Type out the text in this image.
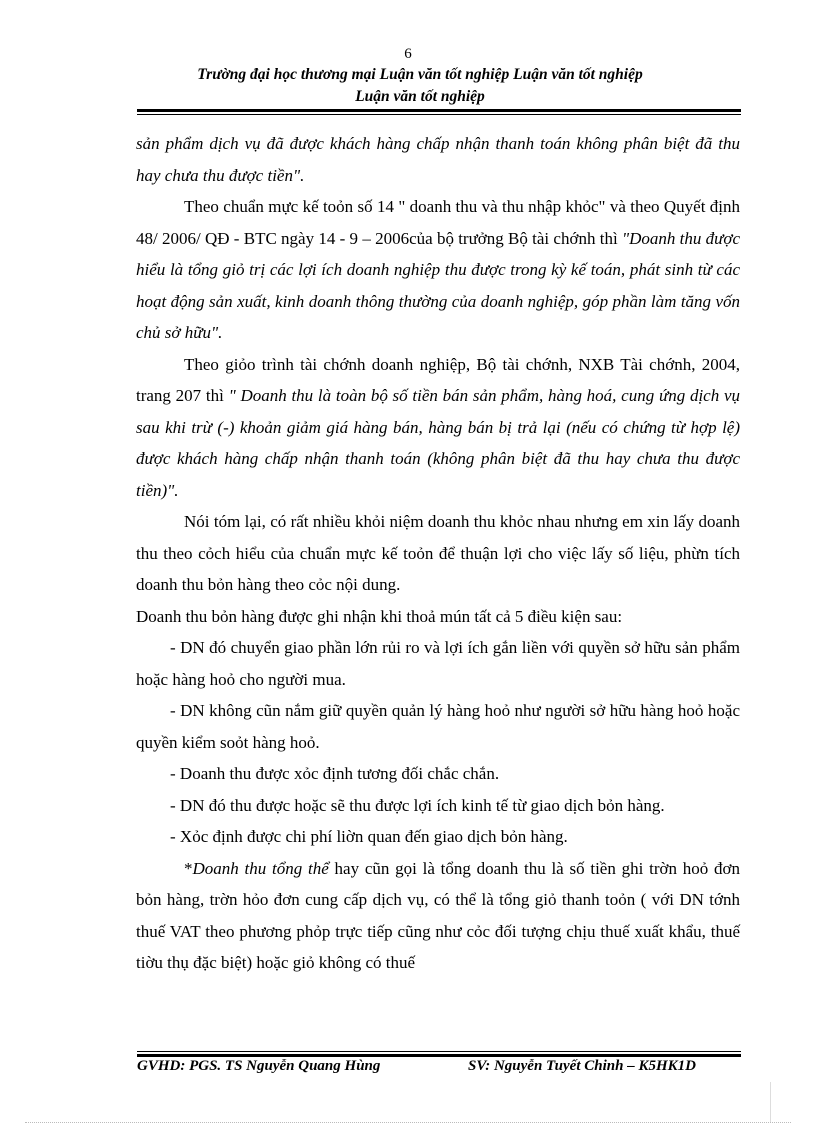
6
Trường đại học thương mại Luận văn tốt nghiệp Luận văn tốt nghiệp
Luận văn tốt nghiệp

sản phẩm dịch vụ đã được khách hàng chấp nhận thanh toán không phân biệt đã thu hay chưa thu được tiền".

Theo chuẩn mực kế toỏn số 14 " doanh thu và thu nhập khỏc" và theo Quyết định 48/ 2006/ QĐ - BTC ngày 14 - 9 – 2006của bộ trưởng Bộ tài chớnh thì "Doanh thu được hiểu là tổng giỏ trị các lợi ích doanh nghiệp thu được trong kỳ kế toán, phát sinh từ các hoạt động sản xuất, kinh doanh thông thường của doanh nghiệp, góp phần làm tăng vốn chủ sở hữu".

Theo giỏo trình tài chớnh doanh nghiệp, Bộ tài chớnh, NXB Tài chớnh, 2004, trang 207 thì " Doanh thu là toàn bộ số tiền bán sản phẩm, hàng hoá, cung ứng dịch vụ sau khi trừ (-) khoản giảm giá hàng bán, hàng bán bị trả lại (nếu có chứng từ hợp lệ) được khách hàng chấp nhận thanh toán (không phân biệt đã thu hay chưa thu được tiền)".

Nói tóm lại, có rất nhiều khỏi niệm doanh thu khỏc nhau nhưng em xin lấy doanh thu theo cỏch hiểu của chuẩn mực kế toỏn để thuận lợi cho việc lấy số liệu, phừn tích doanh thu bỏn hàng theo cỏc nội dung.

Doanh thu bỏn hàng được ghi nhận khi thoả mún tất cả 5 điều kiện sau:

- DN đó chuyển giao phần lớn rủi ro và lợi ích gắn liền với quyền sở hữu sản phẩm hoặc hàng hoỏ cho người mua.

- DN không cũn nắm giữ quyền quản lý hàng hoỏ như người sở hữu hàng hoỏ hoặc quyền kiểm soỏt hàng hoỏ.

- Doanh thu được xỏc định tương đối chắc chắn.

- DN đó thu được hoặc sẽ thu được lợi ích kinh tế từ giao dịch bỏn hàng.

- Xỏc định được chi phí liờn quan đến giao dịch bỏn hàng.

*Doanh thu tổng thể hay cũn gọi là tổng doanh thu là số tiền ghi trờn hoỏ đơn bỏn hàng, trờn hỏo đơn cung cấp dịch vụ, có thể là tổng giỏ thanh toỏn ( với DN tớnh thuế VAT theo phương phỏp trực tiếp cũng như cỏc đối tượng chịu thuế xuất khẩu, thuế tiờu thụ đặc biệt) hoặc giỏ không có thuế

GVHD: PGS. TS Nguyễn Quang Hùng	SV: Nguyễn Tuyết Chinh – K5HK1D
